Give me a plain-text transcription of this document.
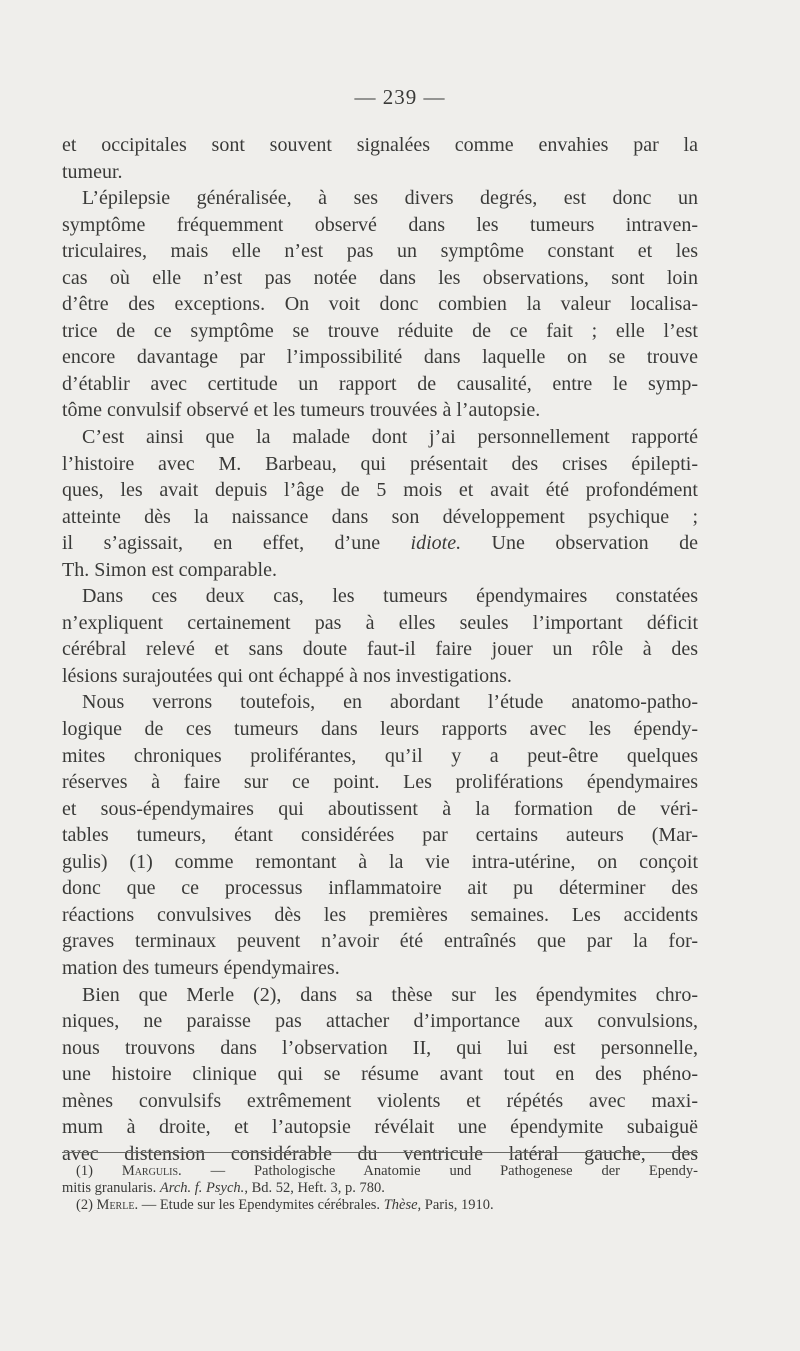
— 239 —
et occipitales sont souvent signalées comme envahies par la
tumeur.
L’épilepsie généralisée, à ses divers degrés, est donc un
symptôme fréquemment observé dans les tumeurs intraven-
triculaires, mais elle n’est pas un symptôme constant et les
cas où elle n’est pas notée dans les observations, sont loin
d’être des exceptions. On voit donc combien la valeur localisa-
trice de ce symptôme se trouve réduite de ce fait ; elle l’est
encore davantage par l’impossibilité dans laquelle on se trouve
d’établir avec certitude un rapport de causalité, entre le symp-
tôme convulsif observé et les tumeurs trouvées à l’autopsie.
C’est ainsi que la malade dont j’ai personnellement rapporté
l’histoire avec M. Barbeau, qui présentait des crises épilepti-
ques, les avait depuis l’âge de 5 mois et avait été profondément
atteinte dès la naissance dans son développement psychique ;
il s’agissait, en effet, d’une idiote. Une observation de
Th. Simon est comparable.
Dans ces deux cas, les tumeurs épendymaires constatées
n’expliquent certainement pas à elles seules l’important déficit
cérébral relevé et sans doute faut-il faire jouer un rôle à des
lésions surajoutées qui ont échappé à nos investigations.
Nous verrons toutefois, en abordant l’étude anatomo-patho-
logique de ces tumeurs dans leurs rapports avec les épendy-
mites chroniques proliférantes, qu’il y a peut-être quelques
réserves à faire sur ce point. Les proliférations épendymaires
et sous-épendymaires qui aboutissent à la formation de véri-
tables tumeurs, étant considérées par certains auteurs (Mar-
gulis) (1) comme remontant à la vie intra-utérine, on conçoit
donc que ce processus inflammatoire ait pu déterminer des
réactions convulsives dès les premières semaines. Les accidents
graves terminaux peuvent n’avoir été entraînés que par la for-
mation des tumeurs épendymaires.
Bien que Merle (2), dans sa thèse sur les épendymites chro-
niques, ne paraisse pas attacher d’importance aux convulsions,
nous trouvons dans l’observation II, qui lui est personnelle,
une histoire clinique qui se résume avant tout en des phéno-
mènes convulsifs extrêmement violents et répétés avec maxi-
mum à droite, et l’autopsie révélait une épendymite subaiguë
avec distension considérable du ventricule latéral gauche, des
(1) Margulis. — Pathologische Anatomie und Pathogenese der Ependy-
mitis granularis. Arch. f. Psych., Bd. 52, Heft. 3, p. 780.
(2) Merle. — Etude sur les Ependymites cérébrales. Thèse, Paris, 1910.
